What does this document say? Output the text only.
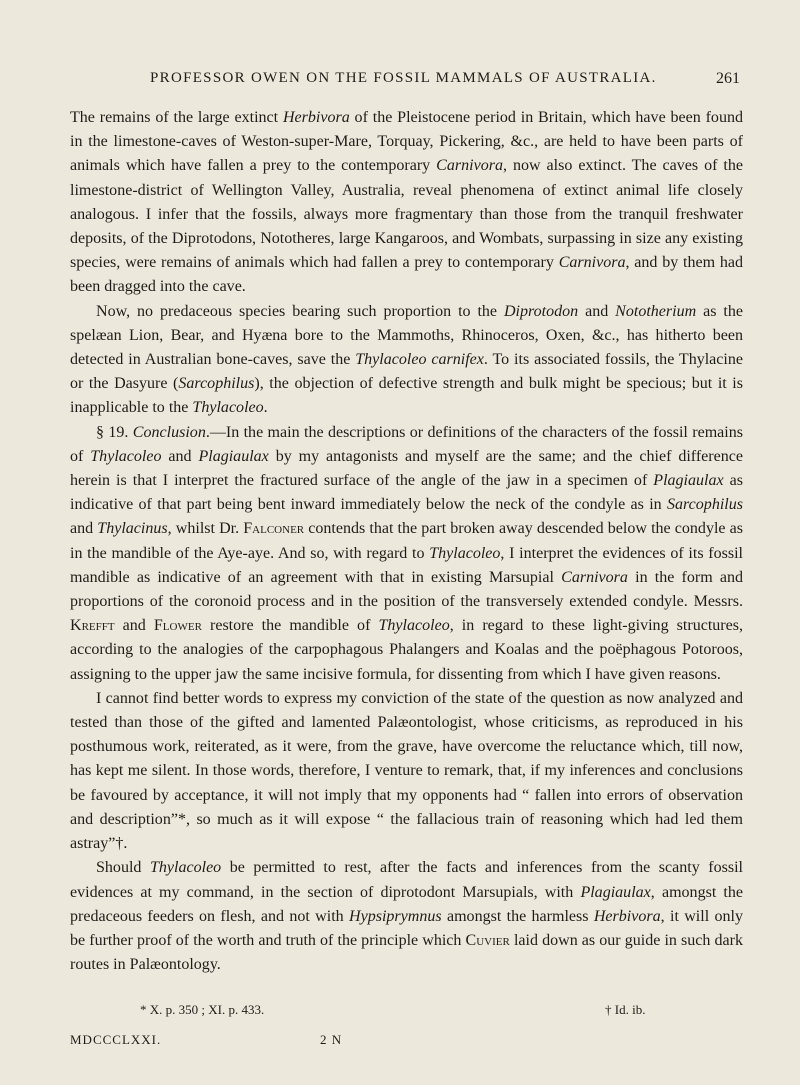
PROFESSOR OWEN ON THE FOSSIL MAMMALS OF AUSTRALIA.	261

The remains of the large extinct Herbivora of the Pleistocene period in Britain, which have been found in the limestone-caves of Weston-super-Mare, Torquay, Pickering, &c., are held to have been parts of animals which have fallen a prey to the contemporary Carnivora, now also extinct. The caves of the limestone-district of Wellington Valley, Australia, reveal phenomena of extinct animal life closely analogous. I infer that the fossils, always more fragmentary than those from the tranquil freshwater deposits, of the Diprotodons, Nototheres, large Kangaroos, and Wombats, surpassing in size any existing species, were remains of animals which had fallen a prey to contemporary Carnivora, and by them had been dragged into the cave.

Now, no predaceous species bearing such proportion to the Diprotodon and Nototherium as the spelæan Lion, Bear, and Hyæna bore to the Mammoths, Rhinoceros, Oxen, &c., has hitherto been detected in Australian bone-caves, save the Thylacoleo carnifex. To its associated fossils, the Thylacine or the Dasyure (Sarcophilus), the objection of defective strength and bulk might be specious; but it is inapplicable to the Thylacoleo.

§ 19. Conclusion.—In the main the descriptions or definitions of the characters of the fossil remains of Thylacoleo and Plagiaulax by my antagonists and myself are the same; and the chief difference herein is that I interpret the fractured surface of the angle of the jaw in a specimen of Plagiaulax as indicative of that part being bent inward immediately below the neck of the condyle as in Sarcophilus and Thylacinus, whilst Dr. Falconer contends that the part broken away descended below the condyle as in the mandible of the Aye-aye. And so, with regard to Thylacoleo, I interpret the evidences of its fossil mandible as indicative of an agreement with that in existing Marsupial Carnivora in the form and proportions of the coronoid process and in the position of the transversely extended condyle. Messrs. Krefft and Flower restore the mandible of Thylacoleo, in regard to these light-giving structures, according to the analogies of the carpophagous Phalangers and Koalas and the poëphagous Potoroos, assigning to the upper jaw the same incisive formula, for dissenting from which I have given reasons.

I cannot find better words to express my conviction of the state of the question as now analyzed and tested than those of the gifted and lamented Palæontologist, whose criticisms, as reproduced in his posthumous work, reiterated, as it were, from the grave, have overcome the reluctance which, till now, has kept me silent. In those words, therefore, I venture to remark, that, if my inferences and conclusions be favoured by acceptance, it will not imply that my opponents had “ fallen into errors of observation and description”*, so much as it will expose “ the fallacious train of reasoning which had led them astray”†.

Should Thylacoleo be permitted to rest, after the facts and inferences from the scanty fossil evidences at my command, in the section of diprotodont Marsupials, with Plagiaulax, amongst the predaceous feeders on flesh, and not with Hypsiprymnus amongst the harmless Herbivora, it will only be further proof of the worth and truth of the principle which Cuvier laid down as our guide in such dark routes in Palæontology.

* X. p. 350 ; XI. p. 433.	† Id. ib.
MDCCCLXXI.	2 N
